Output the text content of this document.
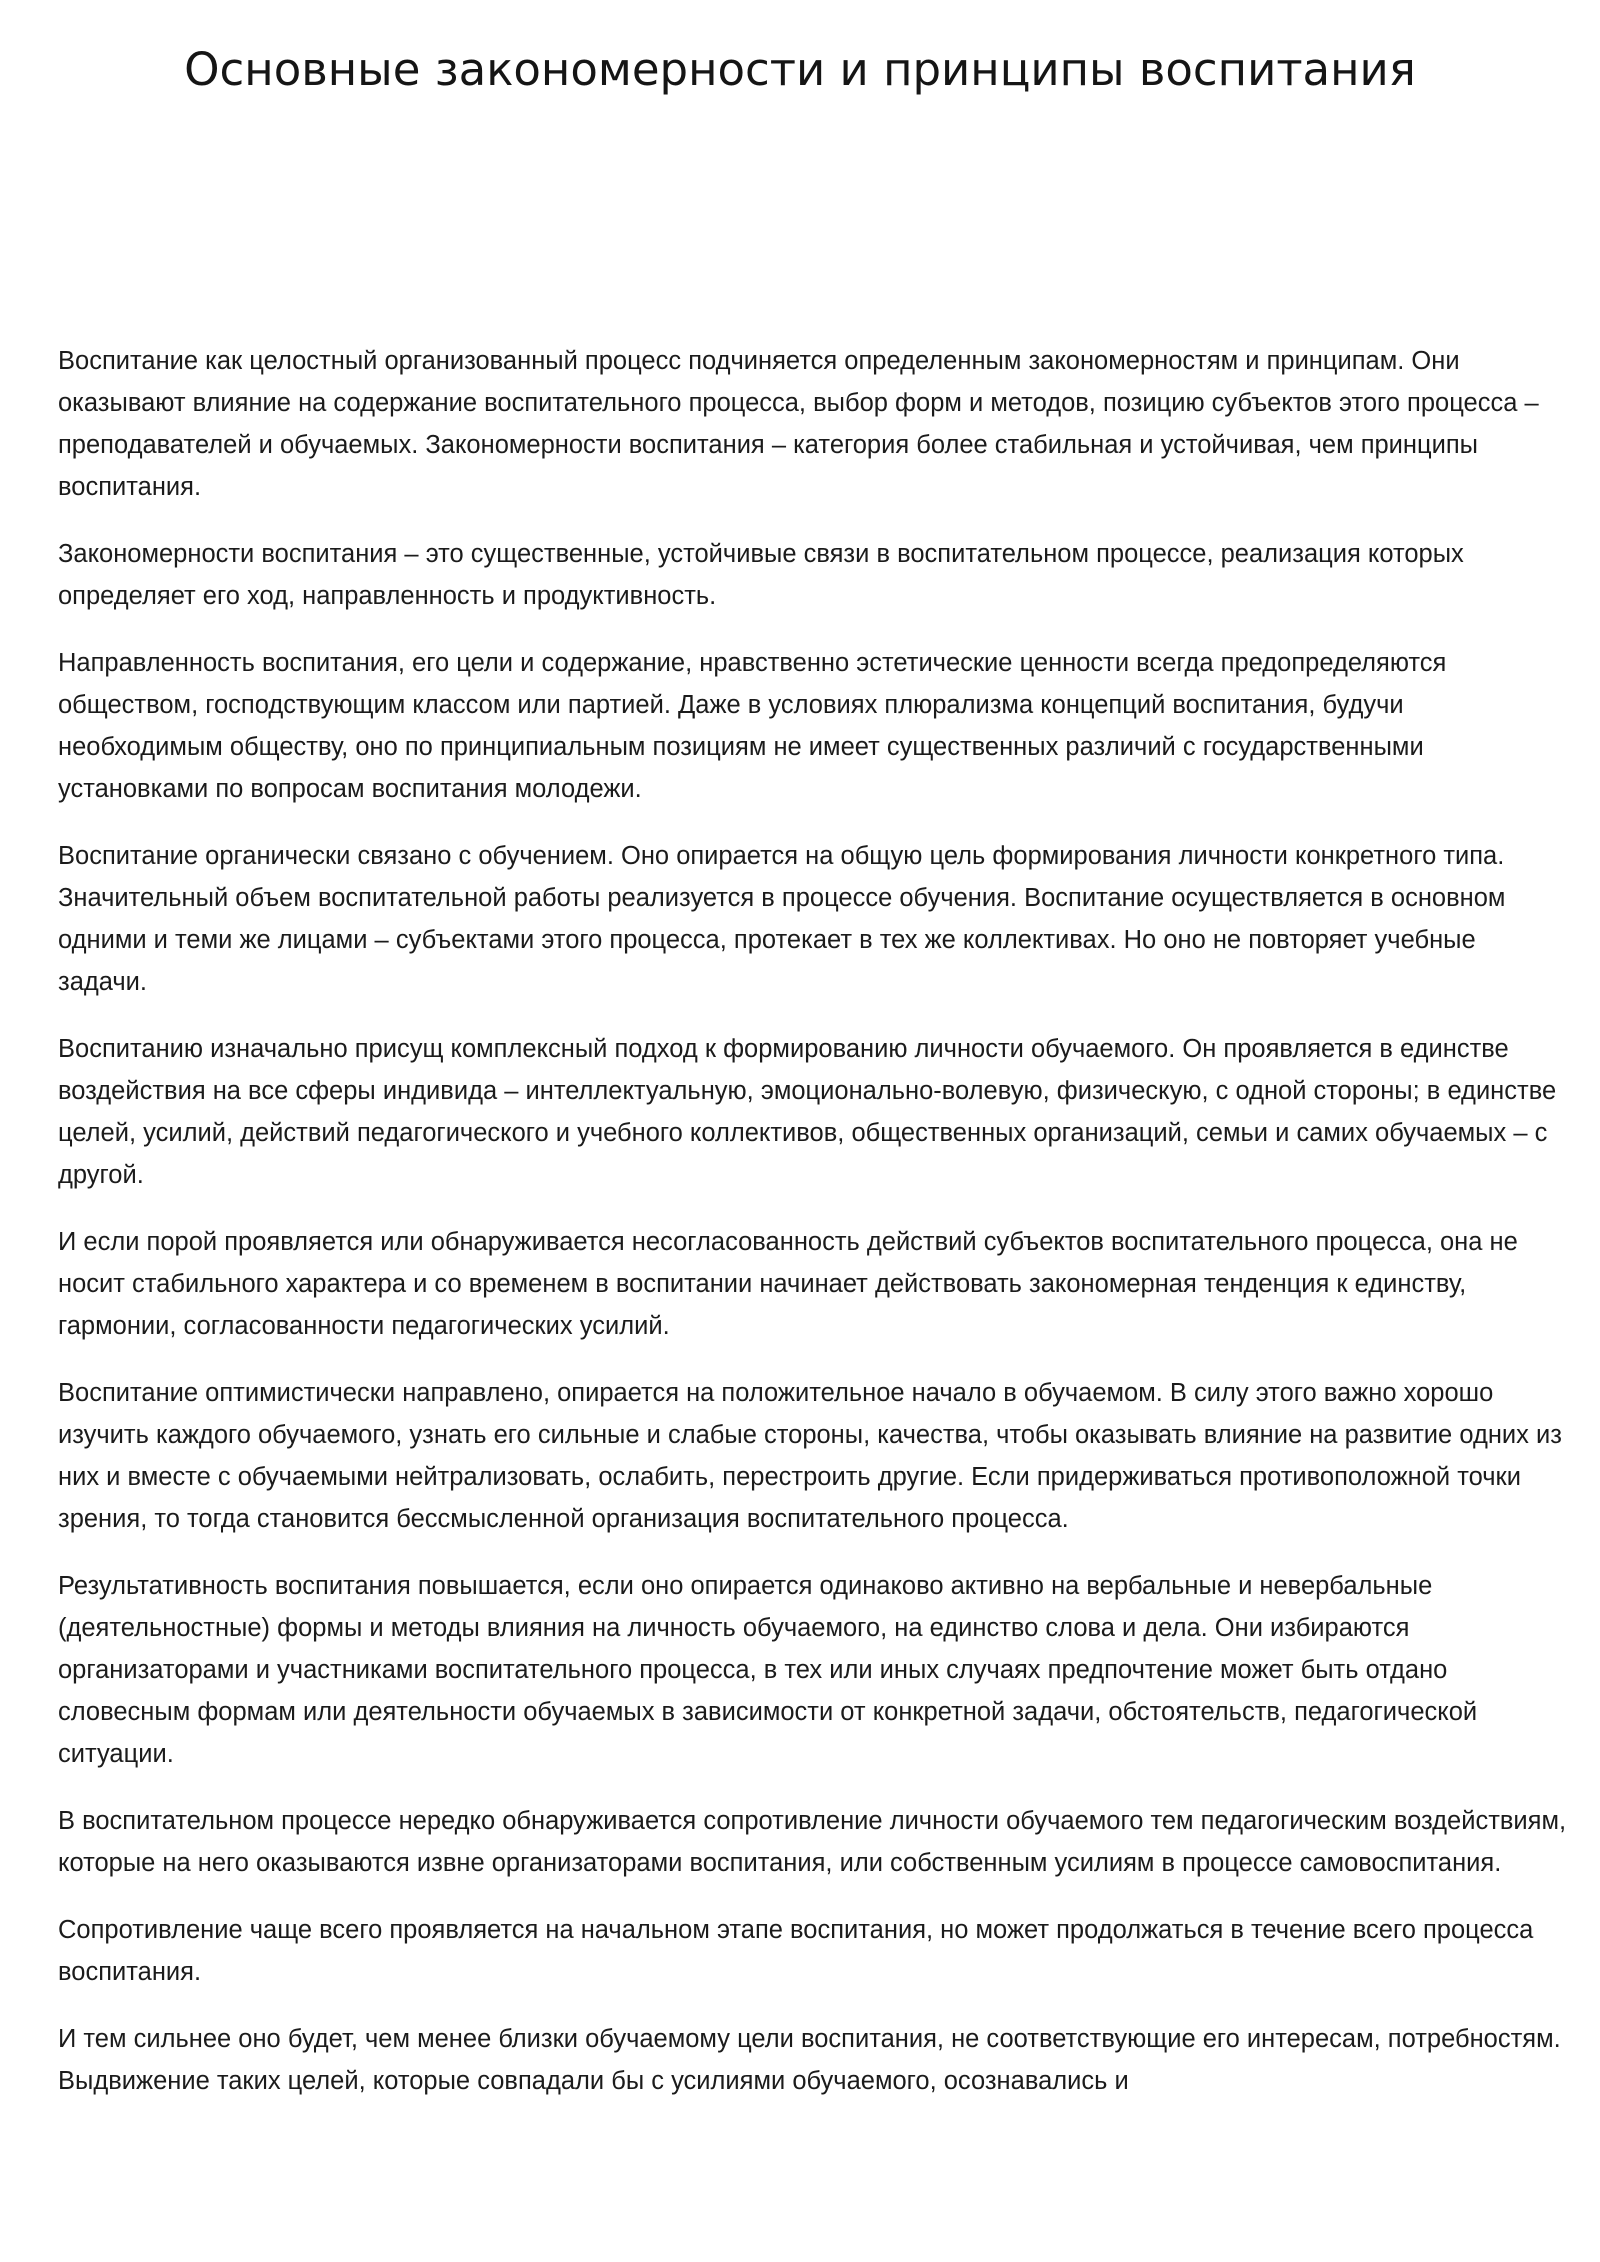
Основные закономерности и принципы воспитания

Воспитание как целостный организованный процесс подчиняется определенным закономерностям и принципам. Они оказывают влияние на содержание воспитательного процесса, выбор форм и методов, позицию субъектов этого процесса – преподавателей и обучаемых. Закономерности воспитания – категория более стабильная и устойчивая, чем принципы воспитания.

Закономерности воспитания – это существенные, устойчивые связи в воспитательном процессе, реализация которых определяет его ход, направленность и продуктивность.

Направленность воспитания, его цели и содержание, нравственно эстетические ценности всегда предопределяются обществом, господствующим классом или партией. Даже в условиях плюрализма концепций воспитания, будучи необходимым обществу, оно по принципиальным позициям не имеет существенных различий с государственными установками по вопросам воспитания молодежи.

Воспитание органически связано с обучением. Оно опирается на общую цель формирования личности конкретного типа. Значительный объем воспитательной работы реализуется в процессе обучения. Воспитание осуществляется в основном одними и теми же лицами – субъектами этого процесса, протекает в тех же коллективах. Но оно не повторяет учебные задачи.

Воспитанию изначально присущ комплексный подход к формированию личности обучаемого. Он проявляется в единстве воздействия на все сферы индивида – интеллектуальную, эмоционально-волевую, физическую, с одной стороны; в единстве целей, усилий, действий педагогического и учебного коллективов, общественных организаций, семьи и самих обучаемых – с другой.

И если порой проявляется или обнаруживается несогласованность действий субъектов воспитательного процесса, она не носит стабильного характера и со временем в воспитании начинает действовать закономерная тенденция к единству, гармонии, согласованности педагогических усилий.

Воспитание оптимистически направлено, опирается на положительное начало в обучаемом. В силу этого важно хорошо изучить каждого обучаемого, узнать его сильные и слабые стороны, качества, чтобы оказывать влияние на развитие одних из них и вместе с обучаемыми нейтрализовать, ослабить, перестроить другие. Если придерживаться противоположной точки зрения, то тогда становится бессмысленной организация воспитательного процесса.

Результативность воспитания повышается, если оно опирается одинаково активно на вербальные и невербальные (деятельностные) формы и методы влияния на личность обучаемого, на единство слова и дела. Они избираются организаторами и участниками воспитательного процесса, в тех или иных случаях предпочтение может быть отдано словесным формам или деятельности обучаемых в зависимости от конкретной задачи, обстоятельств, педагогической ситуации.

В воспитательном процессе нередко обнаруживается сопротивление личности обучаемого тем педагогическим воздействиям, которые на него оказываются извне организаторами воспитания, или собственным усилиям в процессе самовоспитания.

Сопротивление чаще всего проявляется на начальном этапе воспитания, но может продолжаться в течение всего процесса воспитания.

И тем сильнее оно будет, чем менее близки обучаемому цели воспитания, не соответствующие его интересам, потребностям. Выдвижение таких целей, которые совпадали бы с усилиями обучаемого, осознавались и
